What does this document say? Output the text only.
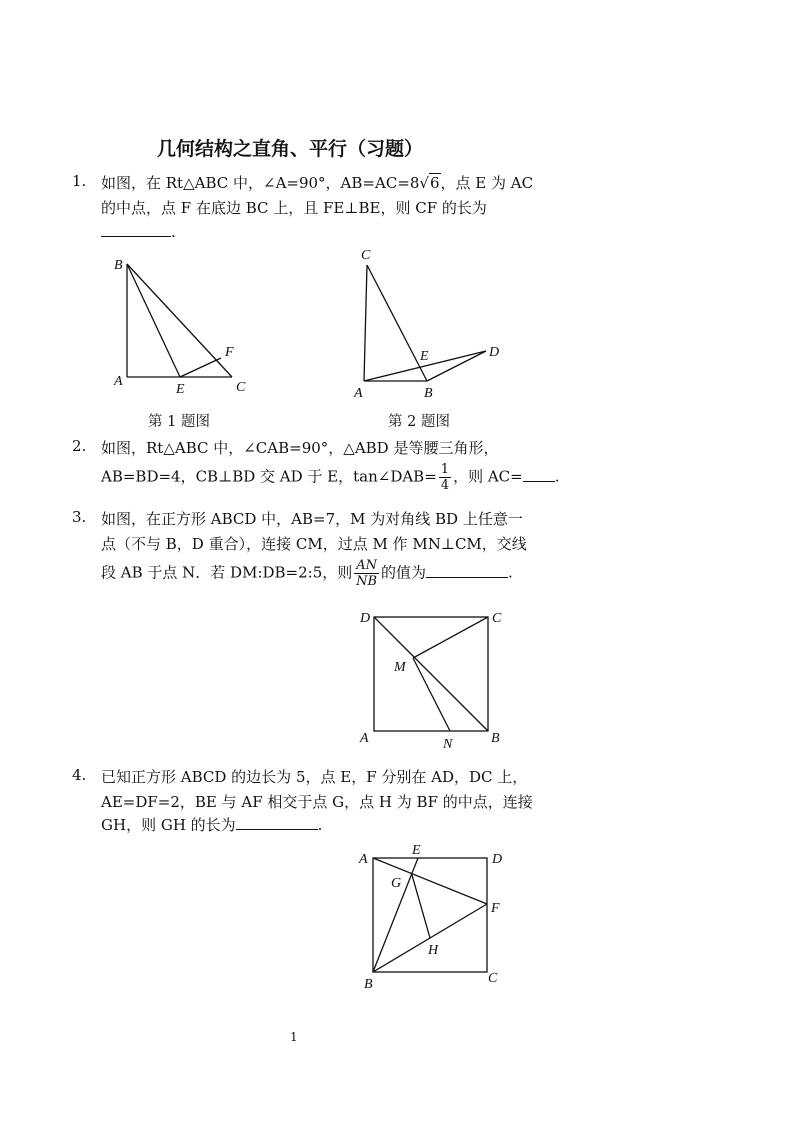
几何结构之直角、平行（习题）
1. 如图，在 Rt△ABC 中，∠A=90°，AB=AC=8√6，点 E 为 AC
的中点，点 F 在底边 BC 上，且 FE⊥BE，则 CF 的长为
.
B
A
E	C
F
C
E	D
A	B
第 1 题图	第 2 题图
2. 如图，Rt△ABC 中，∠CAB=90°，△ABD 是等腰三角形，
AB=BD=4，CB⊥BD 交 AD 于 E，tan∠DAB= $\frac{1}{4}$ ，则 AC= .
3. 如图，在正方形 ABCD 中，AB=7，M 为对角线 BD 上任意一
点（不与 B，D 重合），连接 CM，过点 M 作 MN⊥CM，交线
段 AB 于点 N．若 DM:DB=2:5，则 $\frac{AN}{NB}$ 的值为	.
D	C
M
A	N	B
4. 已知正方形 ABCD 的边长为 5，点 E，F 分别在 AD，DC 上，
AE=DF=2，BE 与 AF 相交于点 G，点 H 为 BF 的中点，连接
GH，则 GH 的长为	.
A
E
D
G
F
H
B	C
1
